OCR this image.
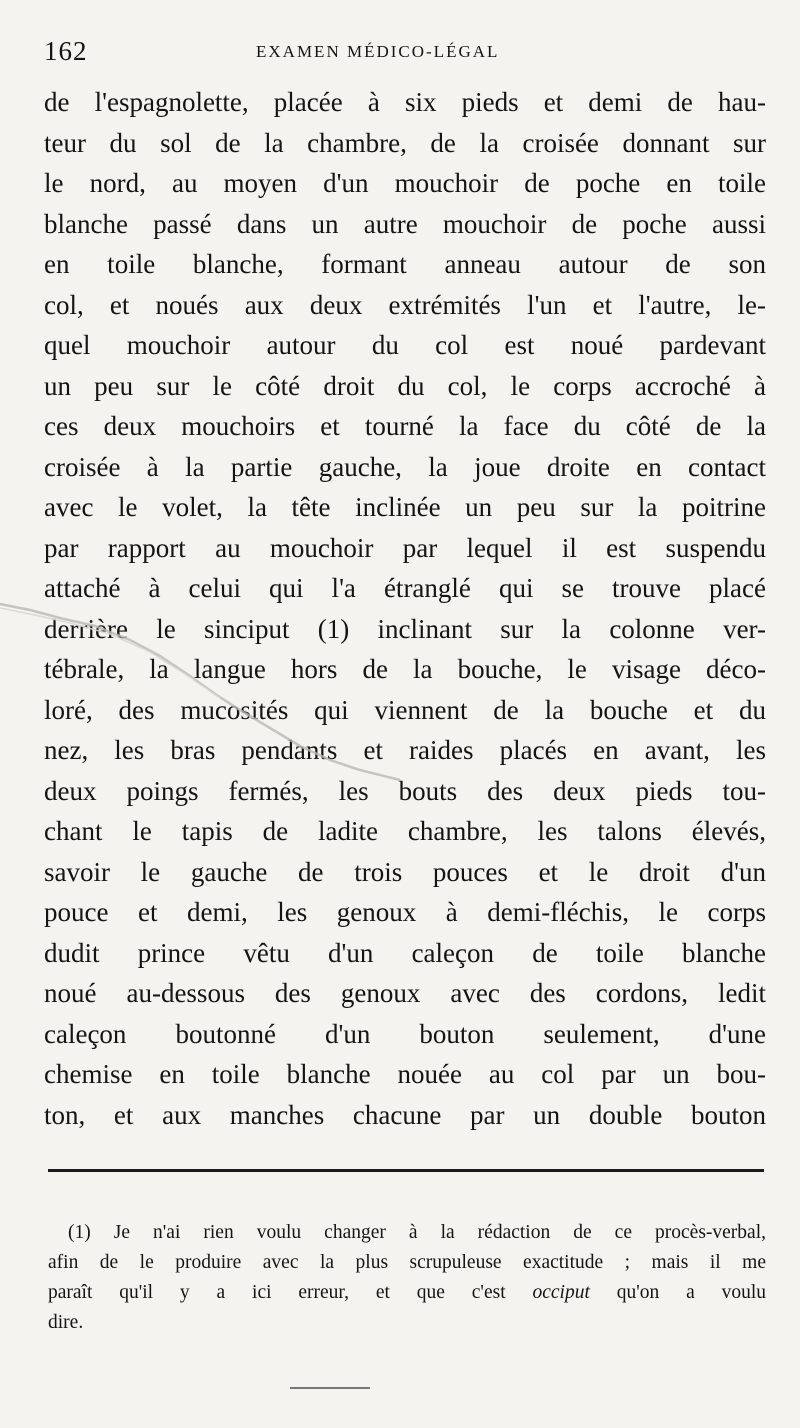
162	EXAMEN MÉDICO-LÉGAL
de l'espagnolette, placée à six pieds et demi de hau-
teur du sol de la chambre, de la croisée donnant sur
le nord, au moyen d'un mouchoir de poche en toile
blanche passé dans un autre mouchoir de poche aussi
en toile blanche, formant anneau autour de son
col, et noués aux deux extrémités l'un et l'autre, le-
quel mouchoir autour du col est noué pardevant
un peu sur le côté droit du col, le corps accroché à
ces deux mouchoirs et tourné la face du côté de la
croisée à la partie gauche, la joue droite en contact
avec le volet, la tête inclinée un peu sur la poitrine
par rapport au mouchoir par lequel il est suspendu
attaché à celui qui l'a étranglé qui se trouve placé
derrière le sinciput (1) inclinant sur la colonne ver-
tébrale, la langue hors de la bouche, le visage déco-
loré, des mucosités qui viennent de la bouche et du
nez, les bras pendants et raides placés en avant, les
deux poings fermés, les bouts des deux pieds tou-
chant le tapis de ladite chambre, les talons élevés,
savoir le gauche de trois pouces et le droit d'un
pouce et demi, les genoux à demi-fléchis, le corps
dudit prince vêtu d'un caleçon de toile blanche
noué au-dessous des genoux avec des cordons, ledit
caleçon boutonné d'un bouton seulement, d'une
chemise en toile blanche nouée au col par un bou-
ton, et aux manches chacune par un double bouton
(1) Je n'ai rien voulu changer à la rédaction de ce procès-verbal,
afin de le produire avec la plus scrupuleuse exactitude ; mais il me
paraît qu'il y a ici erreur, et que c'est occiput qu'on a voulu
dire.
